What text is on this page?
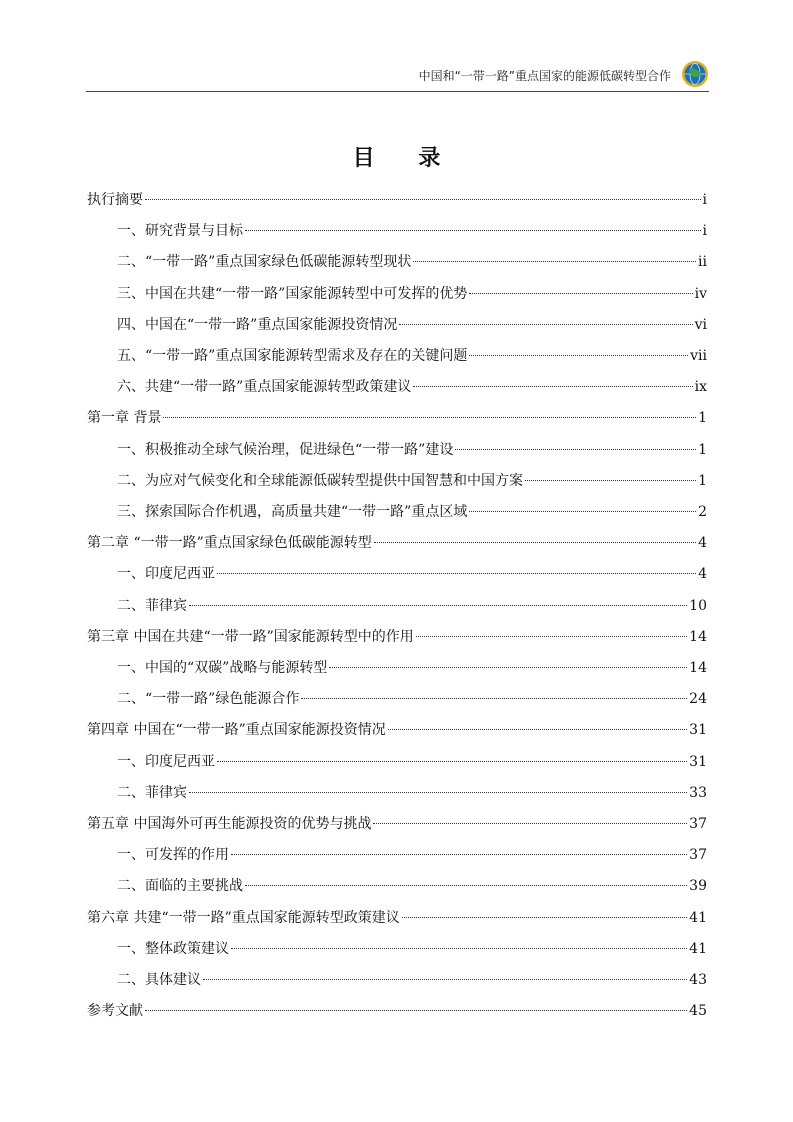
中国和“一带一路”重点国家的能源低碳转型合作
目 录
执行摘要	i
一、研究背景与目标	i
二、“一带一路”重点国家绿色低碳能源转型现状	ii
三、中国在共建“一带一路”国家能源转型中可发挥的优势	iv
四、中国在“一带一路”重点国家能源投资情况	vi
五、“一带一路”重点国家能源转型需求及存在的关键问题	vii
六、共建“一带一路”重点国家能源转型政策建议	ix
第一章 背景	1
一、积极推动全球气候治理，促进绿色“一带一路”建设	1
二、为应对气候变化和全球能源低碳转型提供中国智慧和中国方案	1
三、探索国际合作机遇，高质量共建“一带一路”重点区域	2
第二章 “一带一路”重点国家绿色低碳能源转型	4
一、印度尼西亚	4
二、菲律宾	10
第三章 中国在共建“一带一路”国家能源转型中的作用	14
一、中国的“双碳”战略与能源转型	14
二、“一带一路”绿色能源合作	24
第四章 中国在“一带一路”重点国家能源投资情况	31
一、印度尼西亚	31
二、菲律宾	33
第五章 中国海外可再生能源投资的优势与挑战	37
一、可发挥的作用	37
二、面临的主要挑战	39
第六章 共建“一带一路”重点国家能源转型政策建议	41
一、整体政策建议	41
二、具体建议	43
参考文献	45
